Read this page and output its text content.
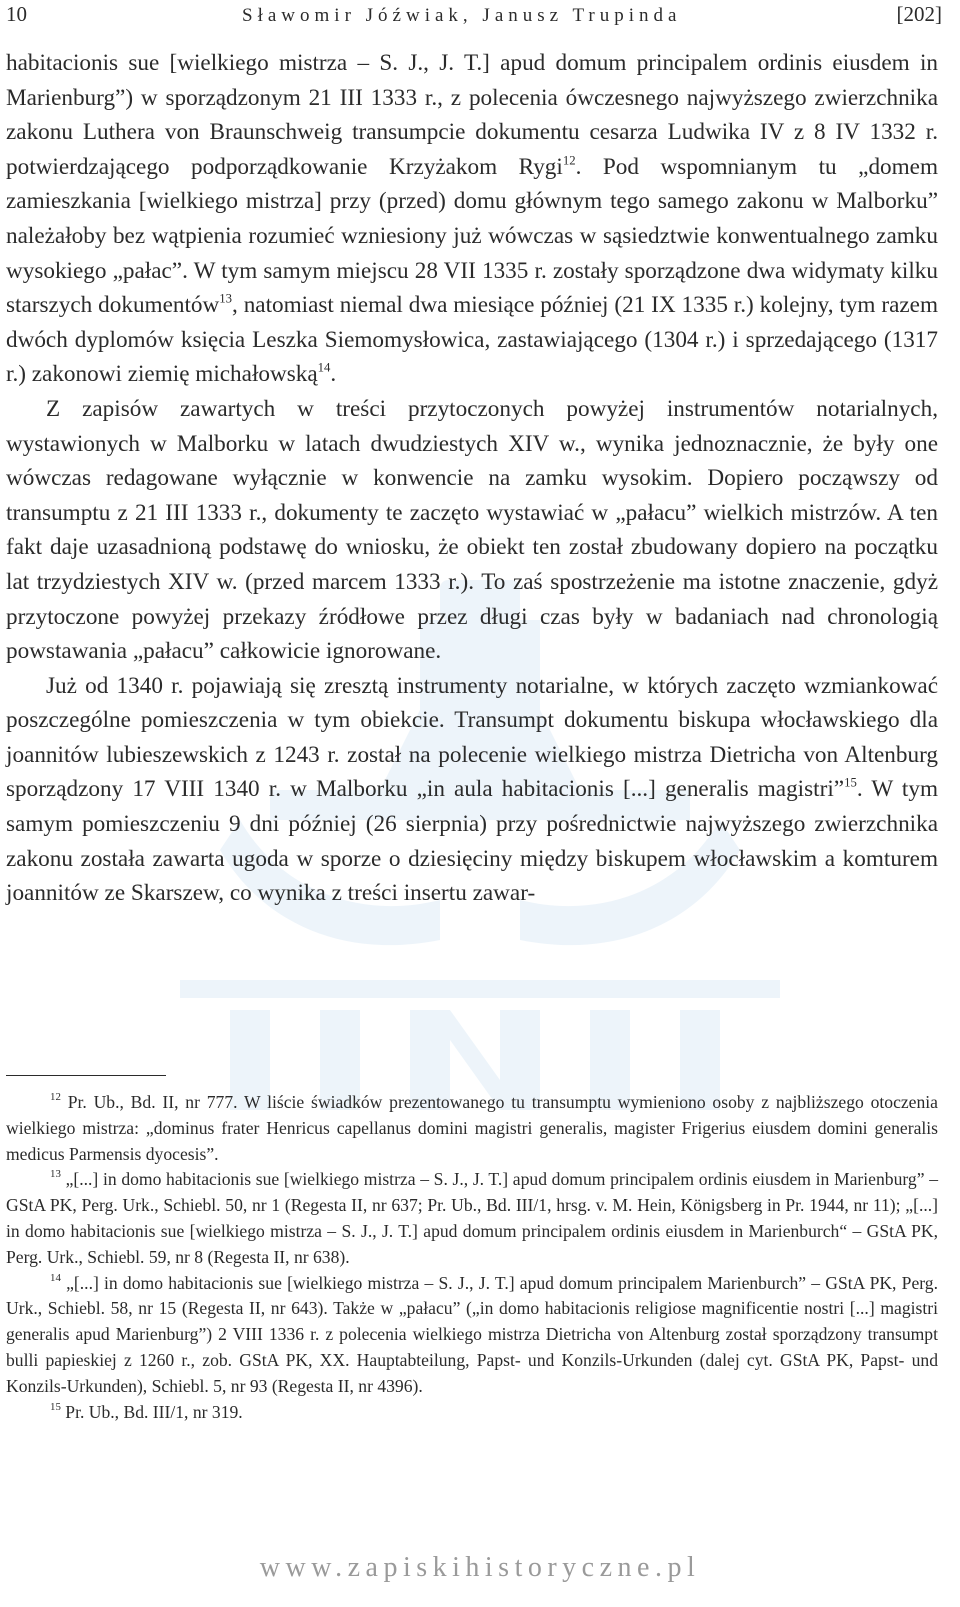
10	Sławomir Jóźwiak, Janusz Trupinda	[202]

habitacionis sue [wielkiego mistrza – S. J., J. T.] apud domum principalem ordinis eiusdem in Marienburg”) w sporządzonym 21 III 1333 r., z polecenia ówczesnego najwyższego zwierzchnika zakonu Luthera von Braunschweig transumpcie dokumentu cesarza Ludwika IV z 8 IV 1332 r. potwierdzającego podporządkowanie Krzyżakom Rygi$^{12}$. Pod wspomnianym tu „domem zamieszkania [wielkiego mistrza] przy (przed) domu głównym tego samego zakonu w Malborku” należałoby bez wątpienia rozumieć wzniesiony już wówczas w sąsiedztwie konwentualnego zamku wysokiego „pałac”. W tym samym miejscu 28 VII 1335 r. zostały sporządzone dwa widymaty kilku starszych dokumentów$^{13}$, natomiast niemal dwa miesiące później (21 IX 1335 r.) kolejny, tym razem dwóch dyplomów księcia Leszka Siemomysłowica, zastawiającego (1304 r.) i sprzedającego (1317 r.) zakonowi ziemię michałowską$^{14}$.

Z zapisów zawartych w treści przytoczonych powyżej instrumentów notarialnych, wystawionych w Malborku w latach dwudziestych XIV w., wynika jednoznacznie, że były one wówczas redagowane wyłącznie w konwencie na zamku wysokim. Dopiero począwszy od transumptu z 21 III 1333 r., dokumenty te zaczęto wystawiać w „pałacu” wielkich mistrzów. A ten fakt daje uzasadnioną podstawę do wniosku, że obiekt ten został zbudowany dopiero na początku lat trzydziestych XIV w. (przed marcem 1333 r.). To zaś spostrzeżenie ma istotne znaczenie, gdyż przytoczone powyżej przekazy źródłowe przez długi czas były w badaniach nad chronologią powstawania „pałacu” całkowicie ignorowane.

Już od 1340 r. pojawiają się zresztą instrumenty notarialne, w których zaczęto wzmiankować poszczególne pomieszczenia w tym obiekcie. Transumpt dokumentu biskupa włocławskiego dla joannitów lubieszewskich z 1243 r. został na polecenie wielkiego mistrza Dietricha von Altenburg sporządzony 17 VIII 1340 r. w Malborku „in aula habitacionis [...] generalis magistri”$^{15}$. W tym samym pomieszczeniu 9 dni później (26 sierpnia) przy pośrednictwie najwyższego zwierzchnika zakonu została zawarta ugoda w sporze o dziesięciny między biskupem włocławskim a komturem joannitów ze Skarszew, co wynika z treści insertu zawar-

$^{12}$ Pr. Ub., Bd. II, nr 777. W liście świadków prezentowanego tu transumptu wymieniono osoby z najbliższego otoczenia wielkiego mistrza: „dominus frater Henricus capellanus domini magistri generalis, magister Frigerius eiusdem domini generalis medicus Parmensis dyocesis”.

$^{13}$ „[...] in domo habitacionis sue [wielkiego mistrza – S. J., J. T.] apud domum principalem ordinis eiusdem in Marienburg” – GStA PK, Perg. Urk., Schiebl. 50, nr 1 (Regesta II, nr 637; Pr. Ub., Bd. III/1, hrsg. v. M. Hein, Königsberg in Pr. 1944, nr 11); „[...] in domo habitacionis sue [wielkiego mistrza – S. J., J. T.] apud domum principalem ordinis eiusdem in Marienburch“ – GStA PK, Perg. Urk., Schiebl. 59, nr 8 (Regesta II, nr 638).

$^{14}$ „[...] in domo habitacionis sue [wielkiego mistrza – S. J., J. T.] apud domum principalem Marienburch” – GStA PK, Perg. Urk., Schiebl. 58, nr 15 (Regesta II, nr 643). Także w „pałacu” („in domo habitacionis religiose magnificentie nostri [...] magistri generalis apud Marienburg”) 2 VIII 1336 r. z polecenia wielkiego mistrza Dietricha von Altenburg został sporządzony transumpt bulli papieskiej z 1260 r., zob. GStA PK, XX. Hauptabteilung, Papst- und Konzils-Urkunden (dalej cyt. GStA PK, Papst- und Konzils-Urkunden), Schiebl. 5, nr 93 (Regesta II, nr 4396).

$^{15}$ Pr. Ub., Bd. III/1, nr 319.

www.zapiskihistoryczne.pl
